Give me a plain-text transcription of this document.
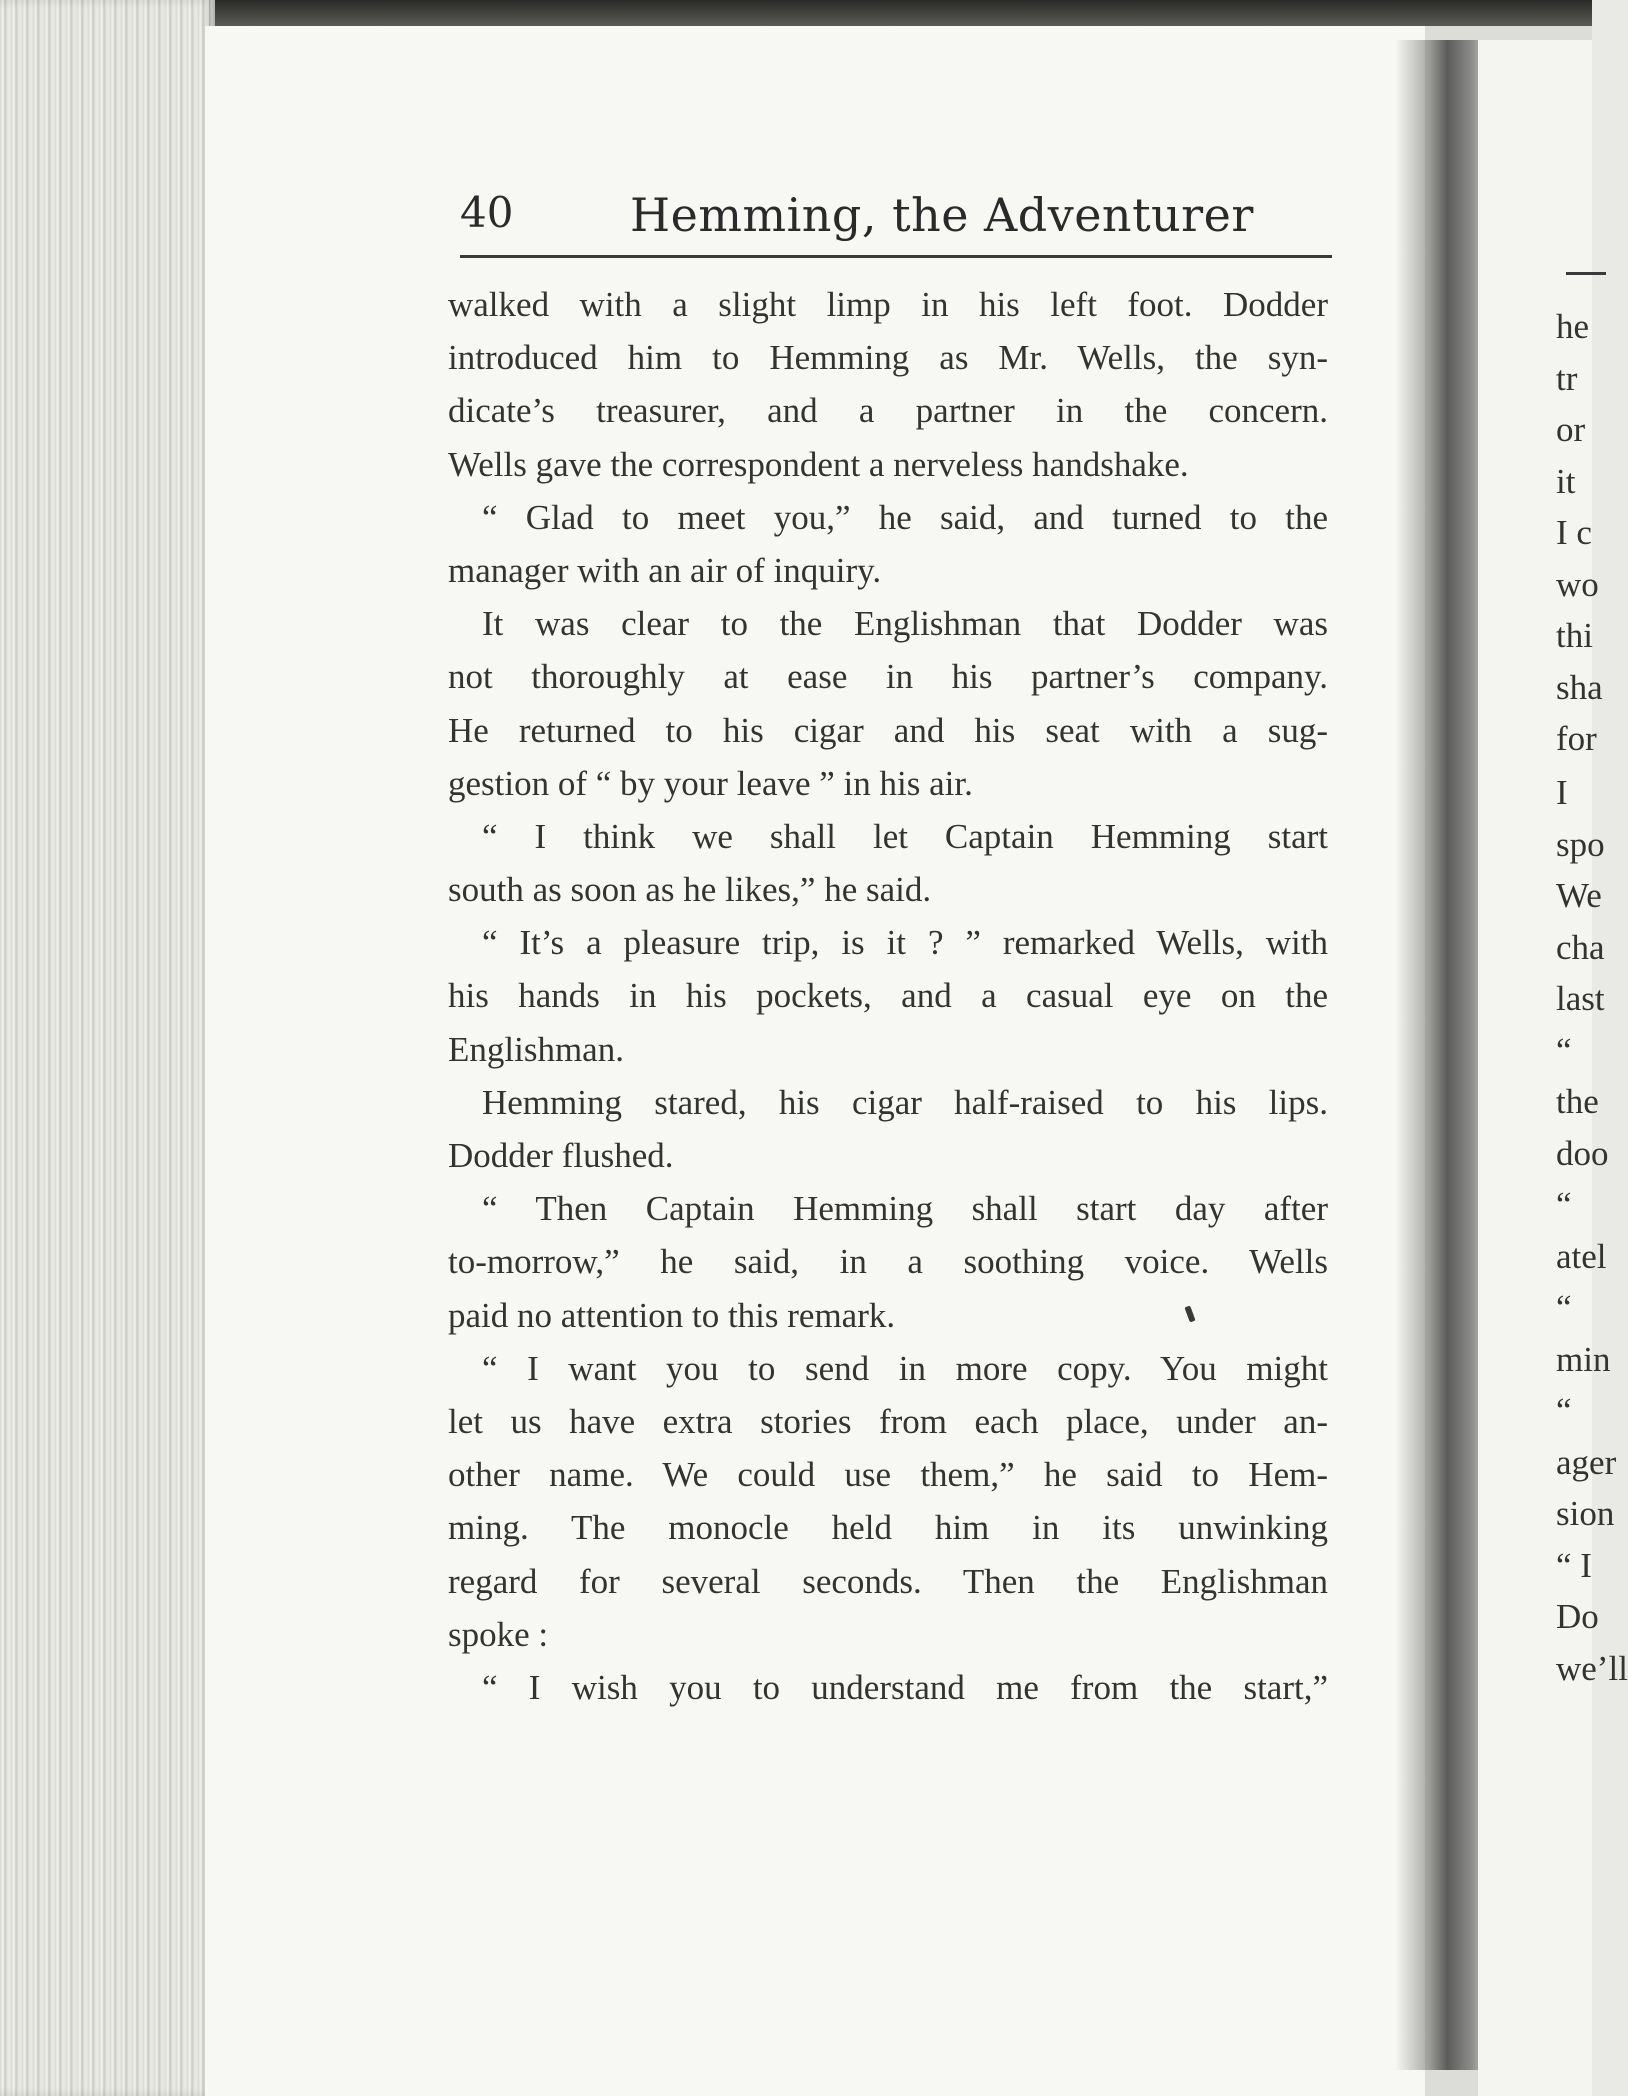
40	Hemming, the Adventurer
walked with a slight limp in his left foot. Dodder
introduced him to Hemming as Mr. Wells, the syn-
dicate’s treasurer, and a partner in the concern.
Wells gave the correspondent a nerveless handshake.
“ Glad to meet you,” he said, and turned to the
manager with an air of inquiry.
It was clear to the Englishman that Dodder was
not thoroughly at ease in his partner’s company.
He returned to his cigar and his seat with a sug-
gestion of “ by your leave ” in his air.
“ I think we shall let Captain Hemming start
south as soon as he likes,” he said.
“ It’s a pleasure trip, is it ? ” remarked Wells, with
his hands in his pockets, and a casual eye on the
Englishman.
Hemming stared, his cigar half-raised to his lips.
Dodder flushed.
“ Then Captain Hemming shall start day after
to-morrow,” he said, in a soothing voice. Wells
paid no attention to this remark.
“ I want you to send in more copy. You might
let us have extra stories from each place, under an-
other name. We could use them,” he said to Hem-
ming. The monocle held him in its unwinking
regard for several seconds. Then the Englishman
spoke :
“ I wish you to understand me from the start,”
he
tr
or
it
I c
wo
thi
sha
for
I
spo
We
cha
last
“
the
doo
“
atel
“
min
“
ager
sion
“ I
Do
we’ll
